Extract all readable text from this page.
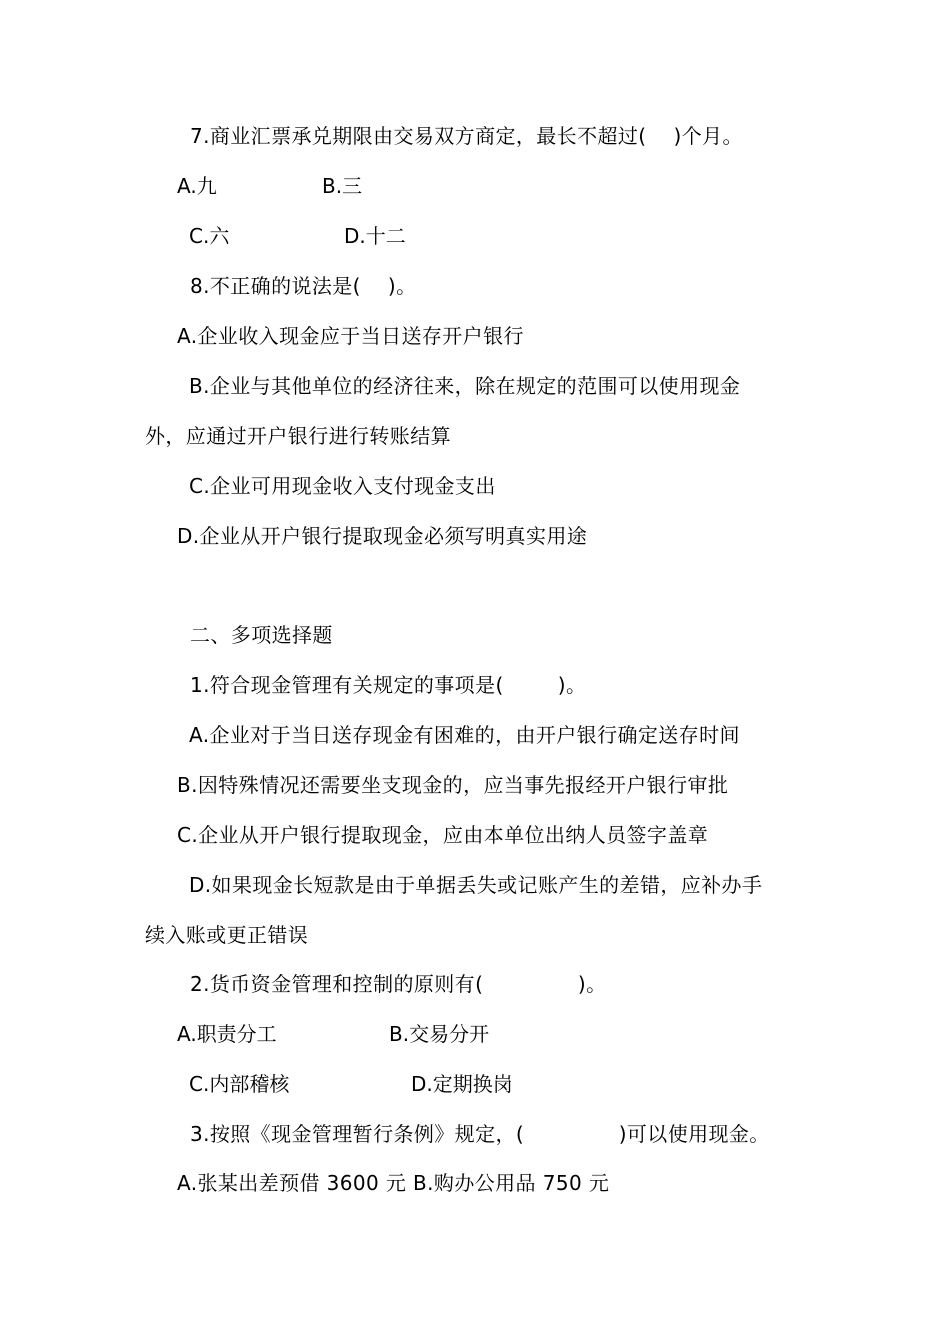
7.商业汇票承兑期限由交易双方商定，最长不超过(    )个月。
A.九	B.三
C.六	D.十二
8.不正确的说法是(    )。
A.企业收入现金应于当日送存开户银行
B.企业与其他单位的经济往来，除在规定的范围可以使用现金
外，应通过开户银行进行转账结算
C.企业可用现金收入支付现金支出
D.企业从开户银行提取现金必须写明真实用途
二、多项选择题
1.符合现金管理有关规定的事项是(        )。
A.企业对于当日送存现金有困难的，由开户银行确定送存时间
B.因特殊情况还需要坐支现金的，应当事先报经开户银行审批
C.企业从开户银行提取现金，应由本单位出纳人员签字盖章
D.如果现金长短款是由于单据丢失或记账产生的差错，应补办手
续入账或更正错误
2.货币资金管理和控制的原则有(              )。
A.职责分工	B.交易分开
C.内部稽核	D.定期换岗
3.按照《现金管理暂行条例》规定，(              )可以使用现金。
A.张某出差预借 3600 元 B.购办公用品 750 元
